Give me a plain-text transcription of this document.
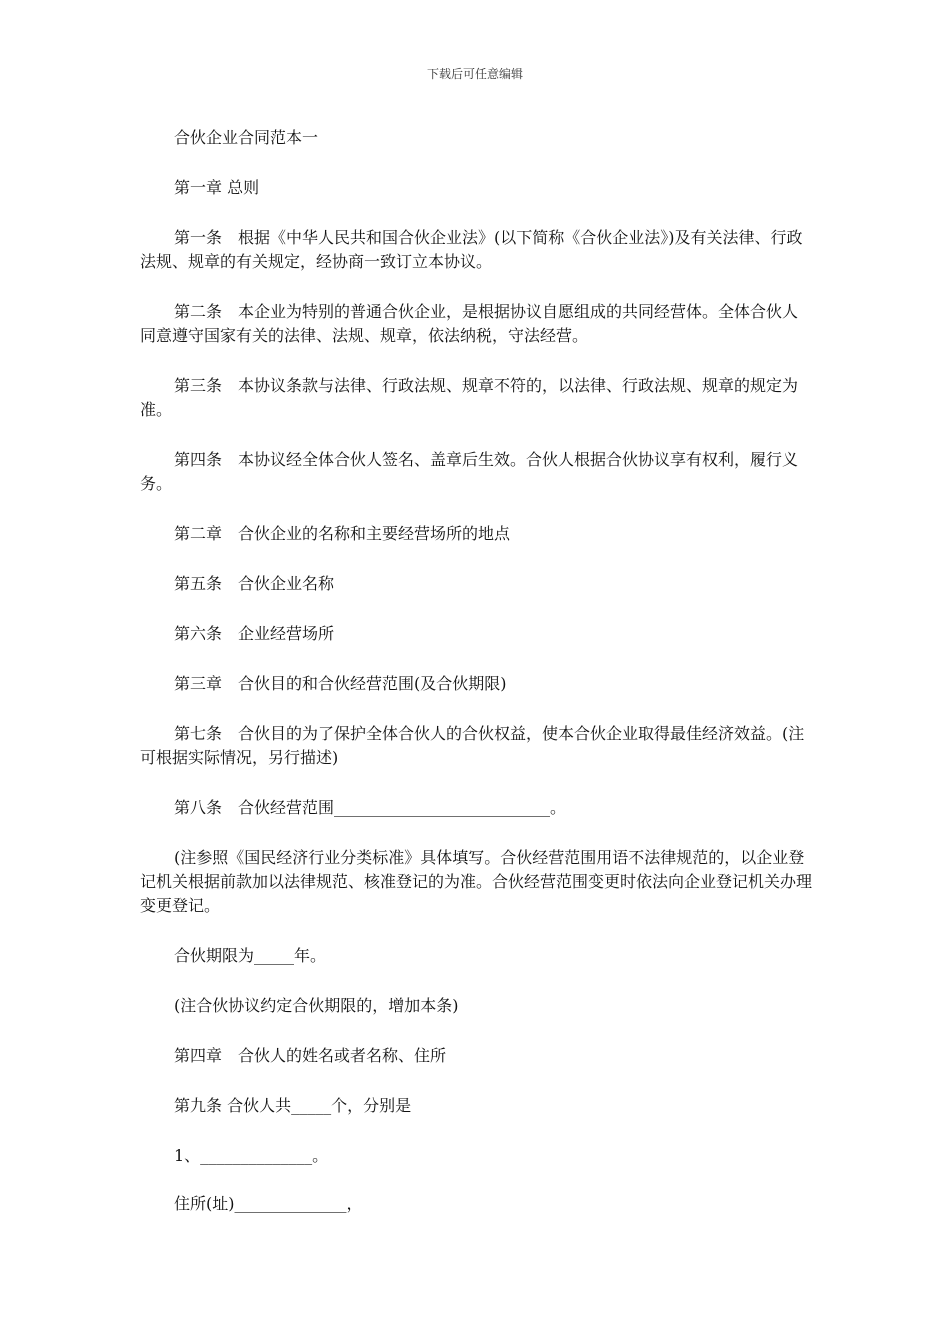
下载后可任意编辑

合伙企业合同范本一

第一章 总则

第一条　根据《中华人民共和国合伙企业法》(以下简称《合伙企业法》)及有关法律、行政法规、规章的有关规定，经协商一致订立本协议。

第二条　本企业为特别的普通合伙企业，是根据协议自愿组成的共同经营体。全体合伙人同意遵守国家有关的法律、法规、规章，依法纳税，守法经营。

第三条　本协议条款与法律、行政法规、规章不符的，以法律、行政法规、规章的规定为准。

第四条　本协议经全体合伙人签名、盖章后生效。合伙人根据合伙协议享有权利，履行义务。

第二章　合伙企业的名称和主要经营场所的地点

第五条　合伙企业名称

第六条　企业经营场所

第三章　合伙目的和合伙经营范围(及合伙期限)

第七条　合伙目的为了保护全体合伙人的合伙权益，使本合伙企业取得最佳经济效益。(注可根据实际情况，另行描述)

第八条　合伙经营范围___________________________。

(注参照《国民经济行业分类标准》具体填写。合伙经营范围用语不法律规范的，以企业登记机关根据前款加以法律规范、核准登记的为准。合伙经营范围变更时依法向企业登记机关办理变更登记。

合伙期限为_____年。

(注合伙协议约定合伙期限的，增加本条)

第四章　合伙人的姓名或者名称、住所

第九条 合伙人共_____个，分别是

1、______________。

住所(址)______________，
